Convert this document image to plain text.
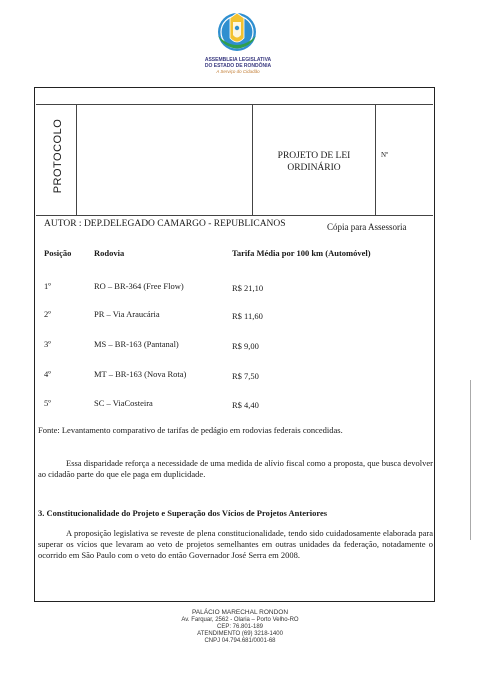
ASSEMBLEIA LEGISLATIVA
DO ESTADO DE RONDÔNIA
A Serviço do Cidadão
PROTOCOLO	PROJETO DE LEI
ORDINÁRIO
Nº
AUTOR : DEP.DELEGADO CAMARGO - REPUBLICANOS	Cópia para Assessoria
Posição	Rodovia	Tarifa Média por 100 km (Automóvel)
1º	RO – BR-364 (Free Flow)	R$ 21,10
2º	PR – Via Araucária	R$ 11,60
3º	MS – BR-163 (Pantanal)	R$ 9,00
4º	MT – BR-163 (Nova Rota)	R$ 7,50
5º	SC – ViaCosteira	R$ 4,40
Fonte: Levantamento comparativo de tarifas de pedágio em rodovias federais concedidas.

Essa disparidade reforça a necessidade de uma medida de alívio fiscal como a proposta, que busca devolver ao cidadão parte do que ele paga em duplicidade.

3. Constitucionalidade do Projeto e Superação dos Vícios de Projetos Anteriores

A proposição legislativa se reveste de plena constitucionalidade, tendo sido cuidadosamente elaborada para superar os vícios que levaram ao veto de projetos semelhantes em outras unidades da federação, notadamente o ocorrido em São Paulo com o veto do então Governador José Serra em 2008.

PALÁCIO MARECHAL RONDON
Av. Farquar, 2562 - Olaria – Porto Velho-RO
CEP: 76.801-189
ATENDIMENTO (69) 3218-1400
CNPJ 04.794.681/0001-68
